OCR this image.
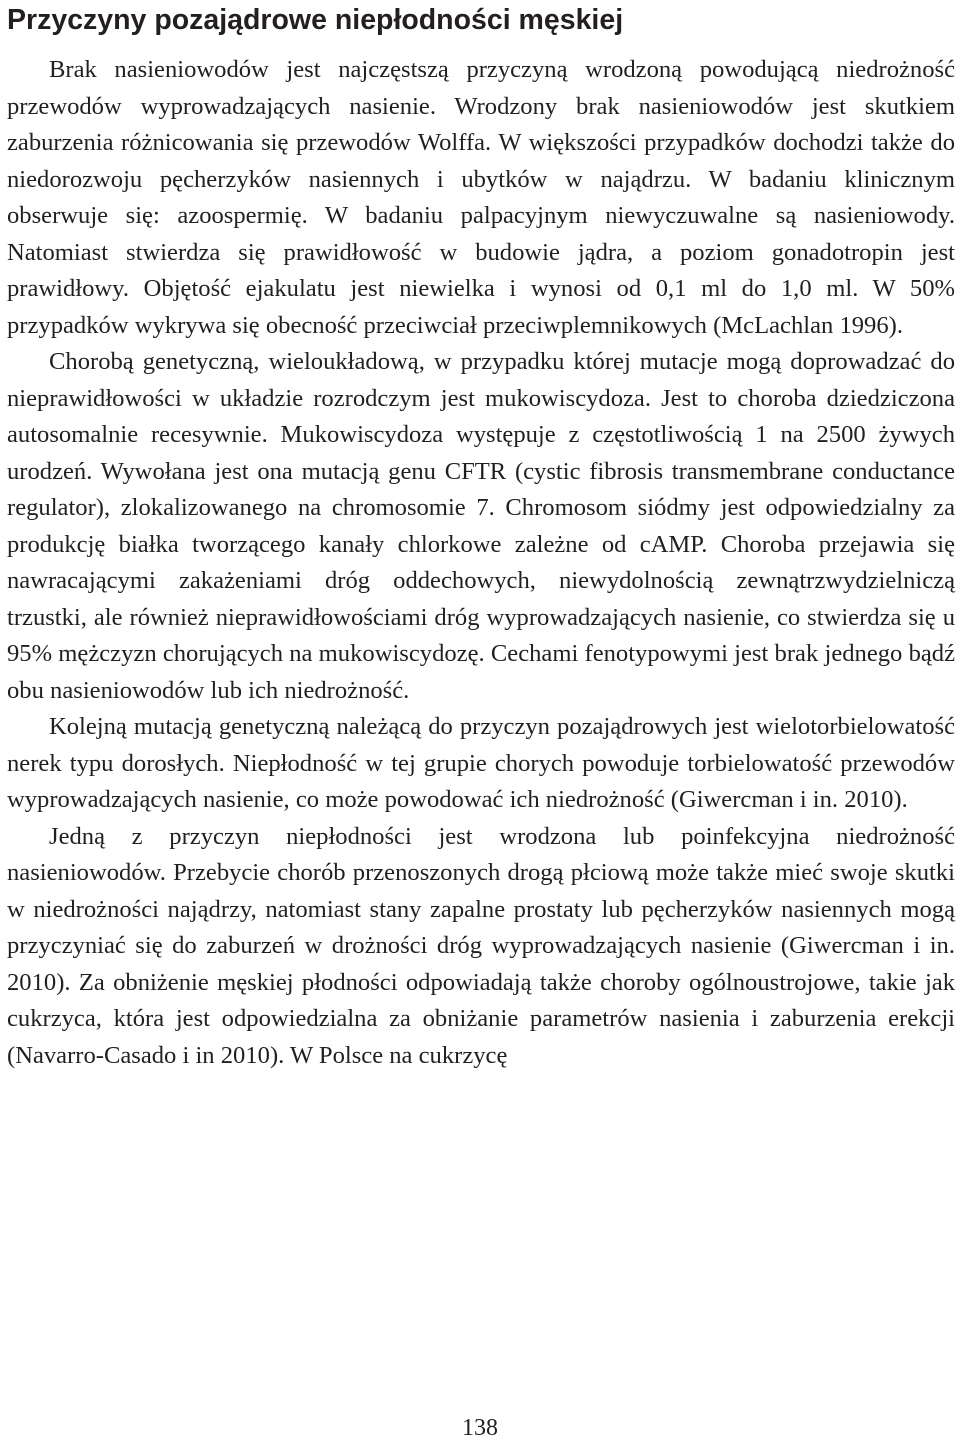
Przyczyny pozajądrowe niepłodności męskiej

Brak nasieniowodów jest najczęstszą przyczyną wrodzoną powodującą niedrożność przewodów wyprowadzających nasienie. Wrodzony brak nasieniowodów jest skutkiem zaburzenia różnicowania się przewodów Wolffa. W większości przypadków dochodzi także do niedorozwoju pęcherzyków nasiennych i ubytków w najądrzu. W badaniu klinicznym obserwuje się: azoospermię. W badaniu palpacyjnym niewyczuwalne są nasieniowody. Natomiast stwierdza się prawidłowość w budowie jądra, a poziom gonadotropin jest prawidłowy. Objętość ejakulatu jest niewielka i wynosi od 0,1 ml do 1,0 ml. W 50% przypadków wykrywa się obecność przeciwciał przeciwplemnikowych (McLachlan 1996).

Chorobą genetyczną, wieloukładową, w przypadku której mutacje mogą doprowadzać do nieprawidłowości w układzie rozrodczym jest mukowiscydoza. Jest to choroba dziedziczona autosomalnie recesywnie. Mukowiscydoza występuje z częstotliwością 1 na 2500 żywych urodzeń. Wywołana jest ona mutacją genu CFTR (cystic fibrosis transmembrane conductance regulator), zlokalizowanego na chromosomie 7. Chromosom siódmy jest odpowiedzialny za produkcję białka tworzącego kanały chlorkowe zależne od cAMP. Choroba przejawia się nawracającymi zakażeniami dróg oddechowych, niewydolnością zewnątrzwydzielniczą trzustki, ale również nieprawidłowościami dróg wyprowadzających nasienie, co stwierdza się u 95% mężczyzn chorujących na mukowiscydozę. Cechami fenotypowymi jest brak jednego bądź obu nasieniowodów lub ich niedrożność.

Kolejną mutacją genetyczną należącą do przyczyn pozajądrowych jest wielotorbielowatość nerek typu dorosłych. Niepłodność w tej grupie chorych powoduje torbielowatość przewodów wyprowadzających nasienie, co może powodować ich niedrożność (Giwercman i in. 2010).

Jedną z przyczyn niepłodności jest wrodzona lub poinfekcyjna niedrożność nasieniowodów. Przebycie chorób przenoszonych drogą płciową może także mieć swoje skutki w niedrożności najądrzy, natomiast stany zapalne prostaty lub pęcherzyków nasiennych mogą przyczyniać się do zaburzeń w drożności dróg wyprowadzających nasienie (Giwercman i in. 2010). Za obniżenie męskiej płodności odpowiadają także choroby ogólnoustrojowe, takie jak cukrzyca, która jest odpowiedzialna za obniżanie parametrów nasienia i zaburzenia erekcji (Navarro-Casado i in 2010). W Polsce na cukrzycę

138
